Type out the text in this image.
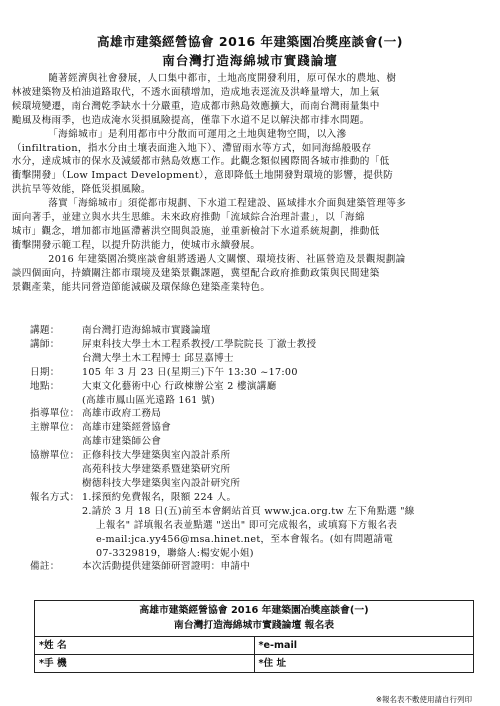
高雄市建築經營協會 2016 年建築園冶獎座談會(一)
南台灣打造海綿城市實踐論壇

隨著經濟與社會發展，人口集中都市，土地高度開發利用，原可保水的農地、樹
林被建築物及柏油道路取代，不透水面積增加，造成地表逕流及洪峰量增大，加上氣
候環境變遷，南台灣乾季缺水十分嚴重，造成都市熱島效應擴大，而南台灣雨量集中
颱風及梅雨季，也造成淹水災損風險提高，僅靠下水道不足以解決都市排水問題。

「海綿城市」是利用都市中分散而可運用之土地與建物空間，以入滲
（infiltration，指水分由土壤表面進入地下）、滯留雨水等方式，如同海綿般吸存
水分，達成城市的保水及減緩都市熱島效應工作。此觀念類似國際間各城市推動的「低
衝擊開發」（Low Impact Development），意即降低土地開發對環境的影響，提供防
洪抗旱等效能，降低災損風險。

落實「海綿城市」須從都市規劃、下水道工程建設、區域排水介面與建築管理等多
面向著手，並建立與水共生思維。未來政府推動「流域綜合治理計畫」，以「海綿
城市」觀念，增加都市地區滯蓄洪空間與設施，並重新檢討下水道系統規劃，推動低
衝擊開發示範工程，以提升防洪能力，使城市永續發展。

2016 年建築園冶獎座談會組將透過人文關懷、環境技術、社區營造及景觀規劃論
談四個面向，持續關注都市環境及建築景觀課題，冀望配合政府推動政策與民間建築
景觀產業，能共同營造節能減碳及環保綠色建築產業特色。

講題：	南台灣打造海綿城市實踐論壇
講師：	屏東科技大學土木工程系教授/工學院院長 丁澈士教授
台灣大學土木工程博士 邱昱嘉博士
日期：	105 年 3 月 23 日(星期三)下午 13:30 ~17:00
地點：	大東文化藝術中心 行政棟辦公室 2 樓演講廳
(高雄市鳳山區光遠路 161 號)
指導單位： 高雄市政府工務局
主辦單位： 高雄市建築經營協會
高雄市建築師公會
協辦單位： 正修科技大學建築與室內設計系所
高苑科技大學建築系暨建築研究所
樹德科技大學建築與室內設計研究所
報名方式： 1.採預約免費報名，限額 224 人。
2.請於 3 月 18 日(五)前至本會網站首頁 www.jca.org.tw 左下角點選 "線
上報名" 詳填報名表並點選 "送出" 即可完成報名，或填寫下方報名表
e-mail:jca.yy456@msa.hinet.net，至本會報名。(如有問題請電
07-3329819，聯絡人:楊安妮小姐)
備註：	本次活動提供建築師研習證明：申請中
高雄市建築經營協會 2016 年建築園冶獎座談會(一)
南台灣打造海綿城市實踐論壇 報名表
*姓 名	*e-mail
*手 機	*住 址
※報名表不敷使用請自行列印
